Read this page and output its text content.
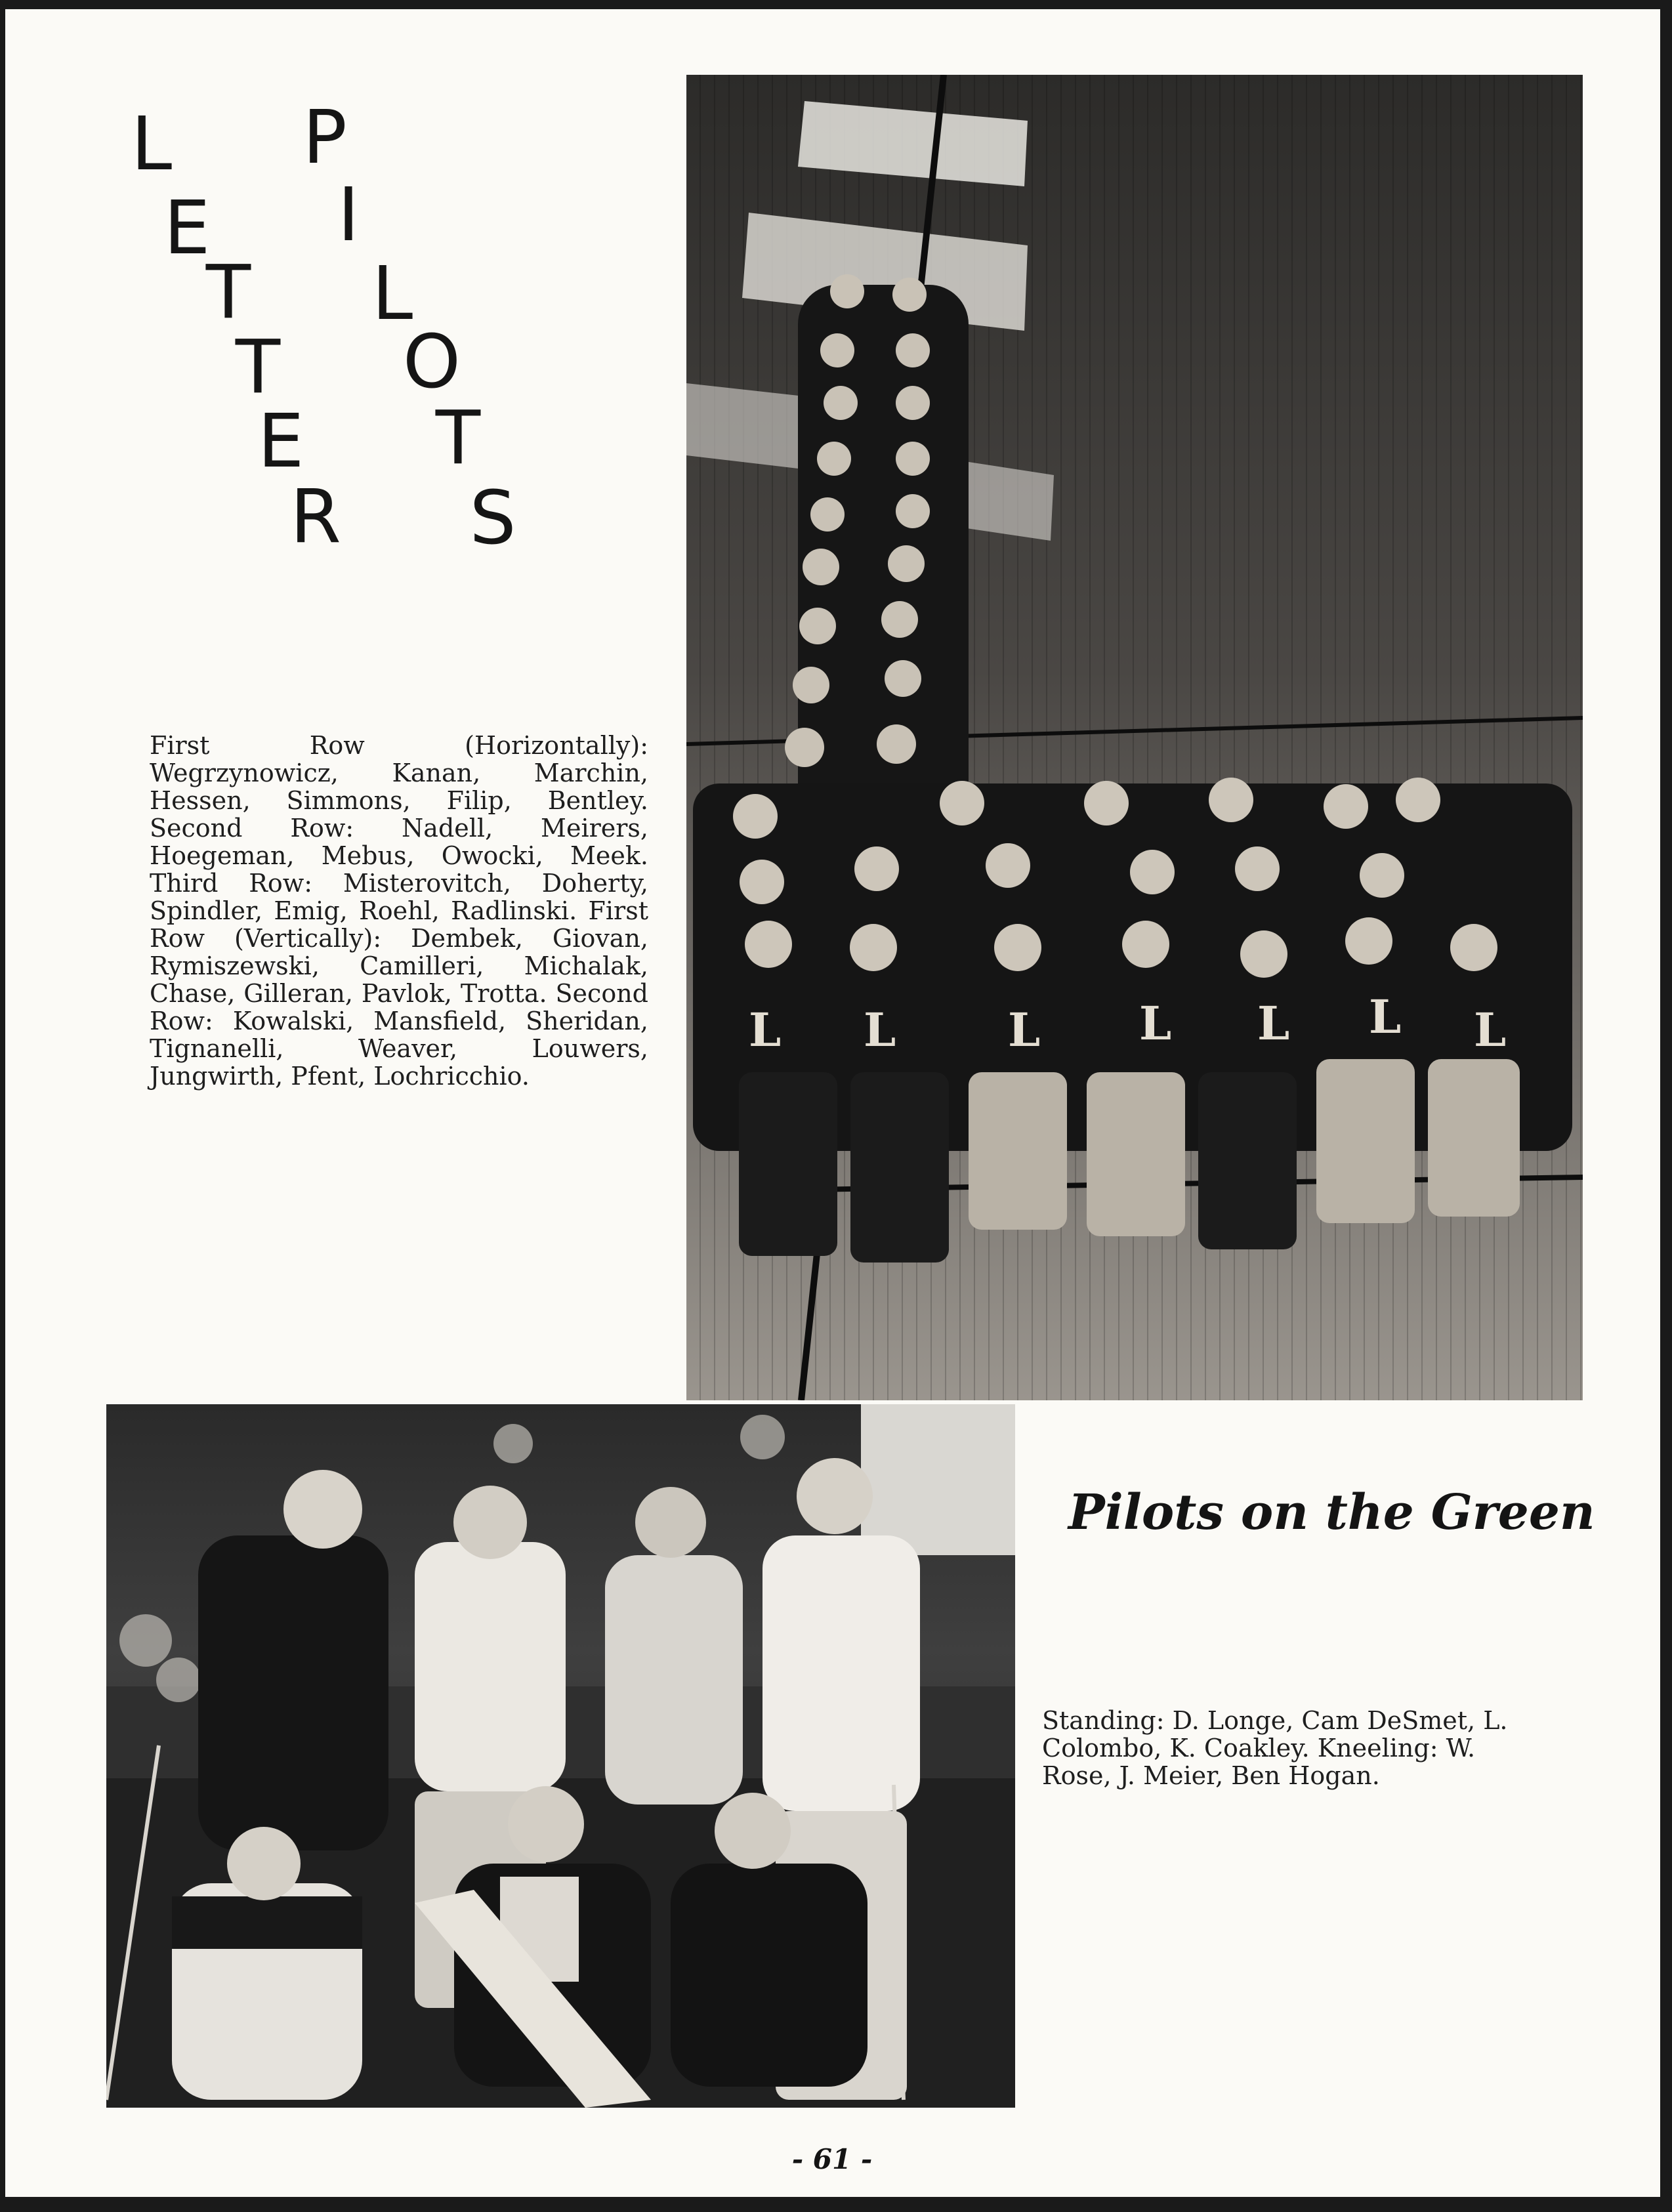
L
E
T
T
E
R
P
I
L
O
T
S

First Row (Horizontally): Wegrzynowicz, Kanan, Marchin, Hessen, Simmons, Filip, Bentley. Second Row: Nadell, Meirers, Hoegeman, Mebus, Owocki, Meek. Third Row: Misterovitch, Doherty, Spindler, Emig, Roehl, Radlinski. First Row (Vertically): Dembek, Giovan, Rymiszewski, Camilleri, Michalak, Chase, Gilleran, Pavlok, Trotta. Second Row: Kowalski, Mansfield, Sheridan, Tignanelli, Weaver, Louwers, Jungwirth, Pfent, Lochricchio.

L L L L L L L
Pilots on the Green

Standing: D. Longe, Cam DeSmet, L. Colombo, K. Coakley. Kneeling: W. Rose, J. Meier, Ben Hogan.

- 61 -
